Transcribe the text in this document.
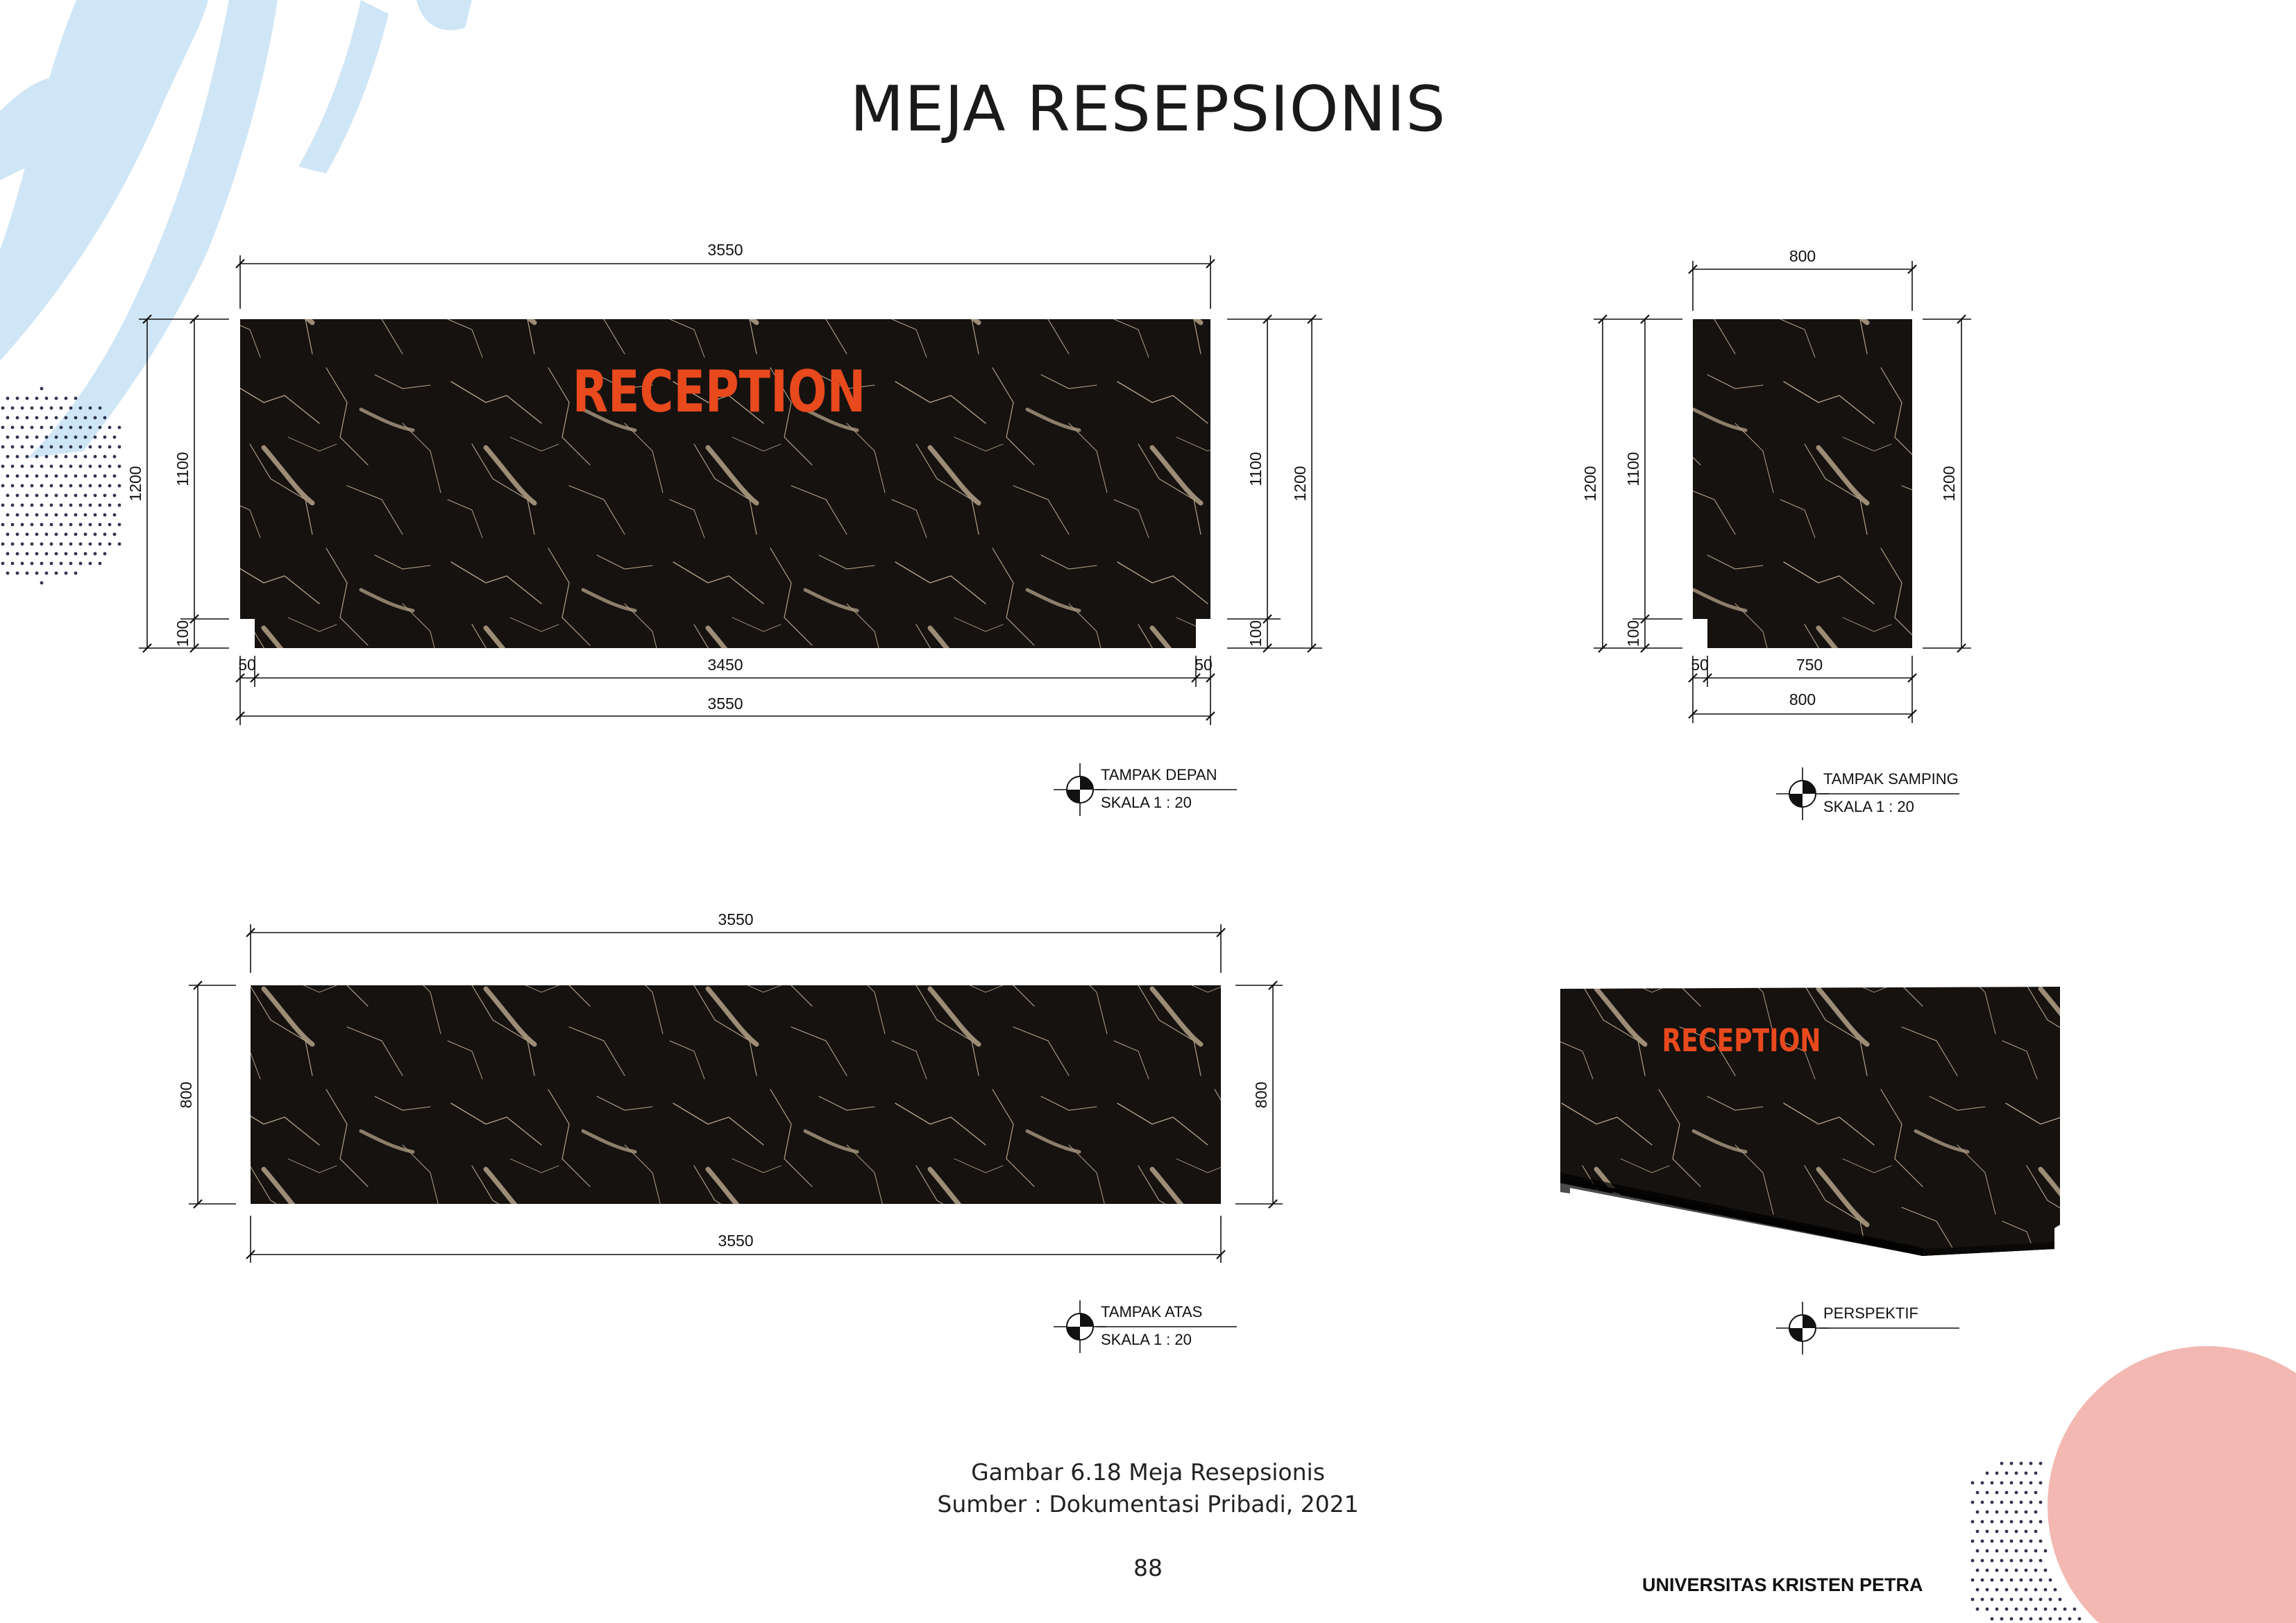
MEJA RESEPSIONIS
RECEPTION
3550
50	3450	50
3550
1200 1100
100
1100 1200
100
TAMPAK DEPAN
SKALA 1 : 20
800
50	750
800
1200 1100
100
1200
TAMPAK SAMPING
SKALA 1 : 20
3550
3550
800	800
TAMPAK ATAS
SKALA 1 : 20
RECEPTION
PERSPEKTIF
Gambar 6.18 Meja Resepsionis
Sumber : Dokumentasi Pribadi, 2021
88
UNIVERSITAS KRISTEN PETRA
